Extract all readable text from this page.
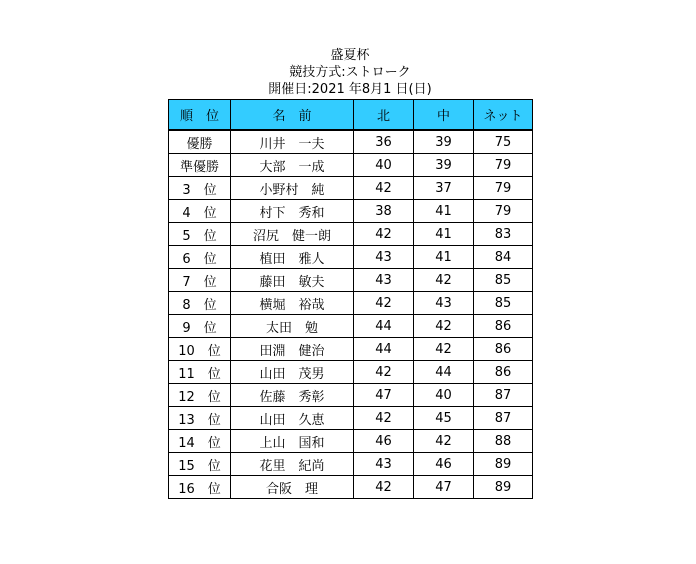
盛夏杯
競技方式:ストローク
開催日:2021 年8月1 日(日)
順　位	名　前	北	中	ネット
優勝	川井　一夫	36	39	75
準優勝	大部　一成	40	39	79
3　位	小野村　純	42	37	79
4　位	村下　秀和	38	41	79
5　位	沼尻　健一朗	42	41	83
6　位	植田　雅人	43	41	84
7　位	藤田　敏夫	43	42	85
8　位	横堀　裕哉	42	43	85
9　位	太田　勉	44	42	86
10　位	田淵　健治	44	42	86
11　位	山田　茂男	42	44	86
12　位	佐藤　秀彰	47	40	87
13　位	山田　久恵	42	45	87
14　位	上山　国和	46	42	88
15　位	花里　紀尚	43	46	89
16　位	合阪　理	42	47	89
